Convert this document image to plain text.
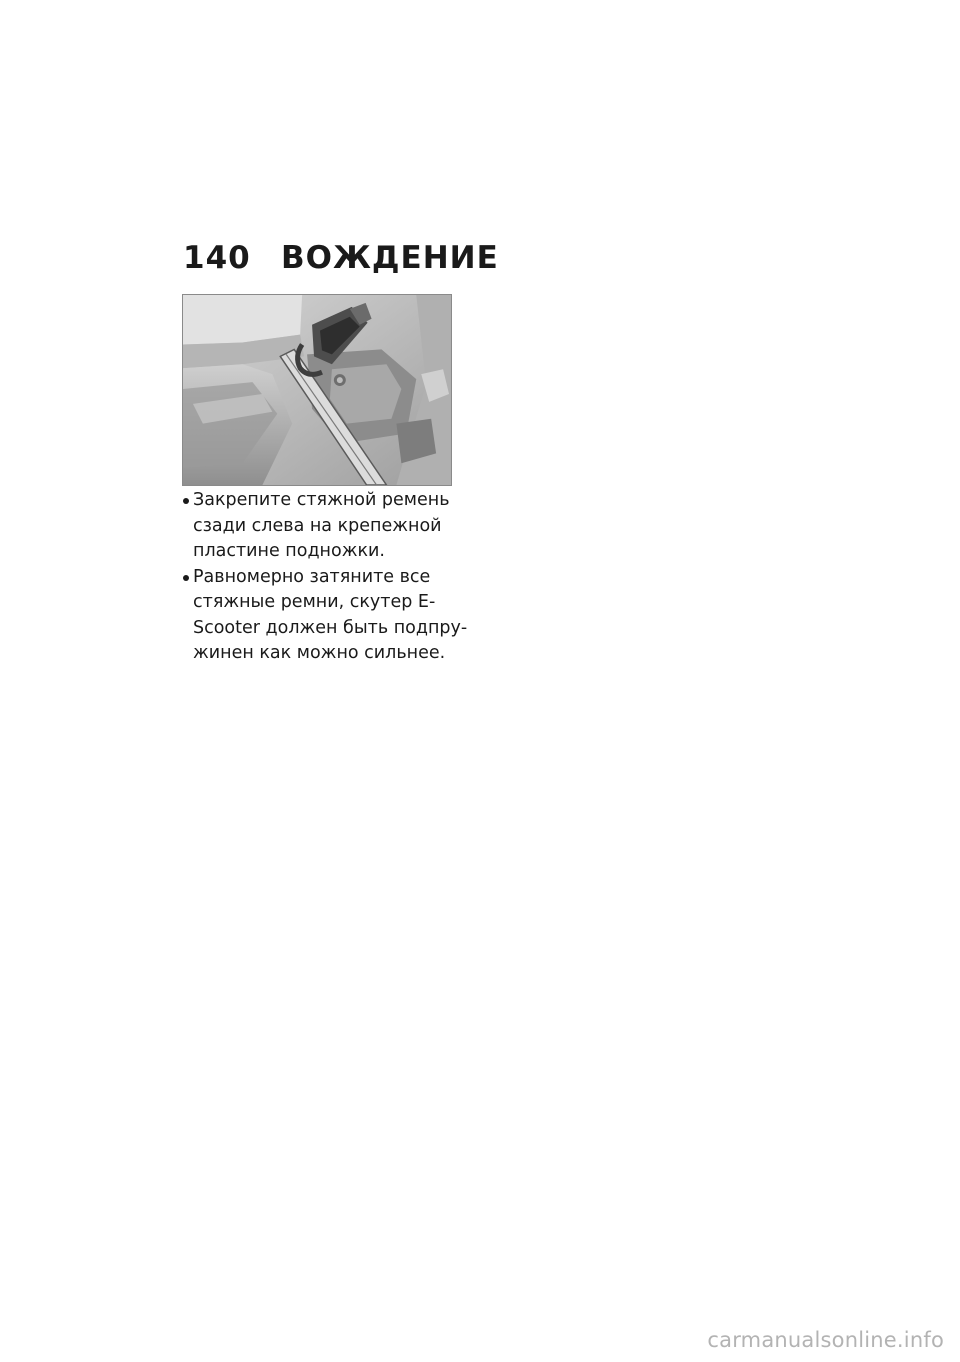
140 ВОЖДЕНИЕ
Закрепите стяжной ремень
сзади слева на крепежной
пластине подножки.
Равномерно затяните все
стяжные ремни, скутер E-
Scooter должен быть подпру-
жинен как можно сильнее.
carmanualsonline.info
